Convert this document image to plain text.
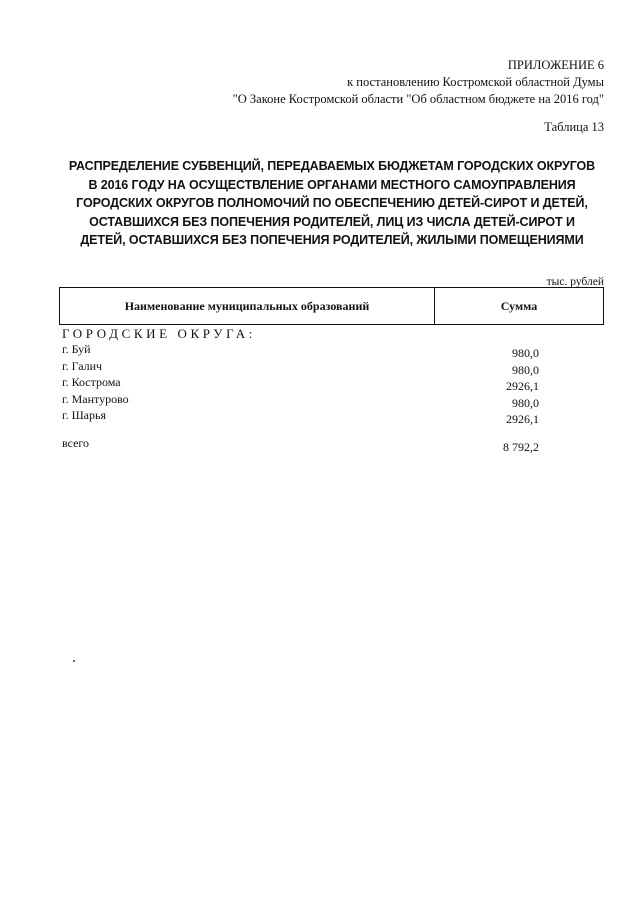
ПРИЛОЖЕНИЕ 6
к постановлению Костромской областной Думы
"О Законе Костромской области "Об областном бюджете на 2016 год"
Таблица 13
РАСПРЕДЕЛЕНИЕ СУБВЕНЦИЙ, ПЕРЕДАВАЕМЫХ БЮДЖЕТАМ ГОРОДСКИХ ОКРУГОВ
В 2016 ГОДУ НА ОСУЩЕСТВЛЕНИЕ ОРГАНАМИ МЕСТНОГО САМОУПРАВЛЕНИЯ
ГОРОДСКИХ ОКРУГОВ ПОЛНОМОЧИЙ ПО ОБЕСПЕЧЕНИЮ ДЕТЕЙ-СИРОТ И ДЕТЕЙ,
ОСТАВШИХСЯ БЕЗ ПОПЕЧЕНИЯ РОДИТЕЛЕЙ, ЛИЦ ИЗ ЧИСЛА ДЕТЕЙ-СИРОТ И
ДЕТЕЙ, ОСТАВШИХСЯ БЕЗ ПОПЕЧЕНИЯ РОДИТЕЛЕЙ, ЖИЛЫМИ ПОМЕЩЕНИЯМИ
тыс. рублей
Наименование муниципальных образований	Сумма
ГОРОДСКИЕ ОКРУГА:
г. Буй	980,0
г. Галич	980,0
г. Кострома	2926,1
г. Мантурово	980,0
г. Шарья	2926,1
всего	8 792,2
